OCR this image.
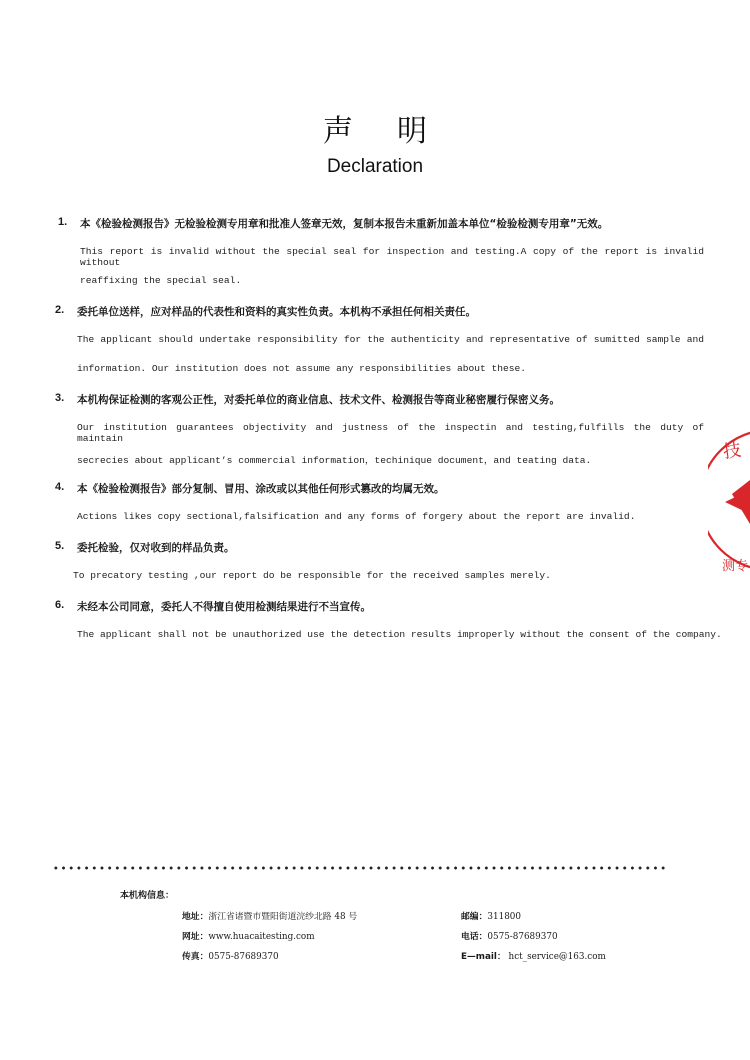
声明
Declaration
1. 本《检验检测报告》无检验检测专用章和批准人签章无效，复制本报告未重新加盖本单位“检验检测专用章”无效。
This report is invalid without the special seal for inspection and testing.A copy of the report is invalid without
reaffixing the special seal.
2. 委托单位送样，应对样品的代表性和资料的真实性负责。本机构不承担任何相关责任。
The applicant should undertake responsibility for the authenticity and representative of sumitted sample and
information. Our institution does not assume any responsibilities about these.
3. 本机构保证检测的客观公正性，对委托单位的商业信息、技术文件、检测报告等商业秘密履行保密义务。
Our institution guarantees objectivity and justness of the inspectin and testing,fulfills the duty of maintain
secrecies about applicant’s commercial information，techinique document，and teating data.
4. 本《检验检测报告》部分复制、冒用、涂改或以其他任何形式篡改的均属无效。
Actions likes copy sectional,falsification and any forms of forgery about the report are invalid.
5. 委托检验，仅对收到的样品负责。
To precatory testing ,our report do be responsible for the received samples merely.
6. 未经本公司同意，委托人不得擅自使用检测结果进行不当宣传。
The applicant shall not be unauthorized use the detection results improperly without the consent of the company.
技
测专
本机构信息：
地址：浙江省诸暨市暨阳街道浣纱北路 48 号	邮编：311800
网址：www.huacaitesting.com	电话：0575-87689370
传真：0575-87689370	E—mail： hct_service@163.com
